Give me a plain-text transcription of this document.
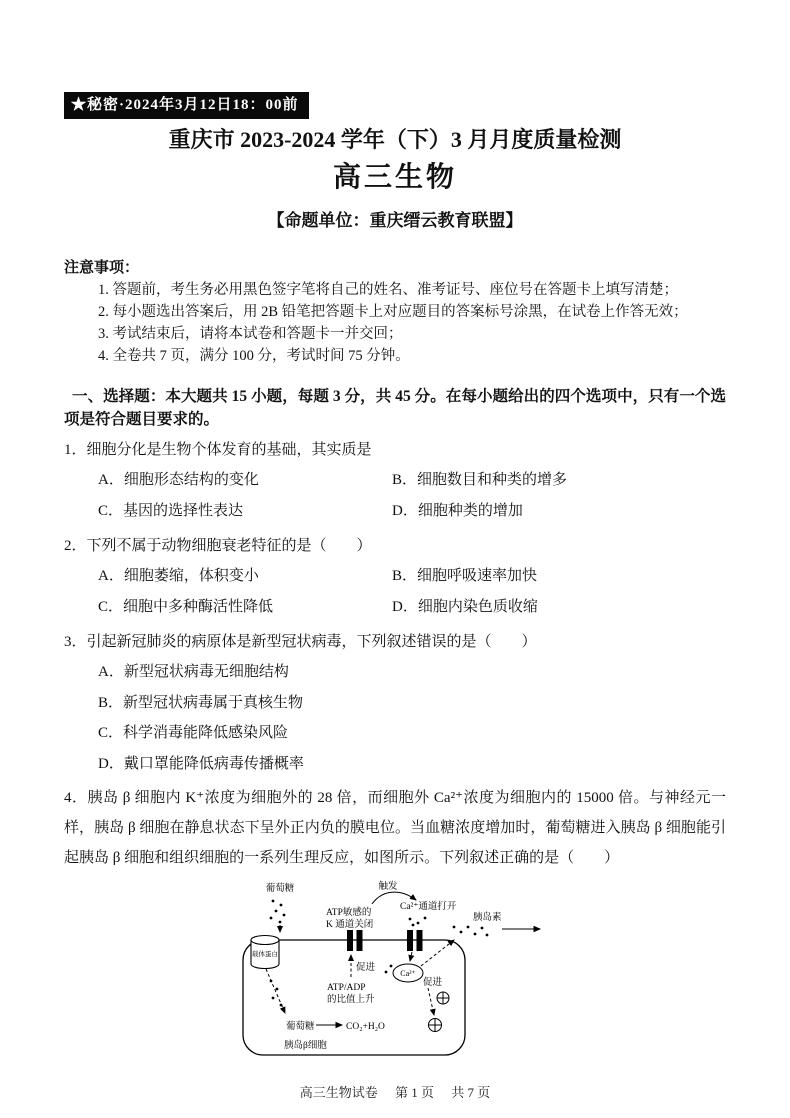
★秘密·2024年3月12日18：00前
重庆市 2023-2024 学年（下）3 月月度质量检测
高三生物
【命题单位：重庆缙云教育联盟】
注意事项：
1. 答题前，考生务必用黑色签字笔将自己的姓名、准考证号、座位号在答题卡上填写清楚；
2. 每小题选出答案后，用 2B 铅笔把答题卡上对应题目的答案标号涂黑，在试卷上作答无效；
3. 考试结束后，请将本试卷和答题卡一并交回；
4. 全卷共 7 页，满分 100 分，考试时间 75 分钟。
一、选择题：本大题共 15 小题，每题 3 分，共 45 分。在每小题给出的四个选项中，只有一个选项是符合题目要求的。
1．细胞分化是生物个体发育的基础，其实质是
A．细胞形态结构的变化	B．细胞数目和种类的增多
C．基因的选择性表达	D．细胞种类的增加
2．下列不属于动物细胞衰老特征的是（　　）
A．细胞萎缩，体积变小	B．细胞呼吸速率加快
C．细胞中多种酶活性降低	D．细胞内染色质收缩
3．引起新冠肺炎的病原体是新型冠状病毒，下列叙述错误的是（　　）
A．新型冠状病毒无细胞结构
B．新型冠状病毒属于真核生物
C．科学消毒能降低感染风险
D．戴口罩能降低病毒传播概率
4．胰岛 β 细胞内 K⁺浓度为细胞外的 28 倍，而细胞外 Ca²⁺浓度为细胞内的 15000 倍。与神经元一样，胰岛 β 细胞在静息状态下呈外正内负的膜电位。当血糖浓度增加时，葡萄糖进入胰岛 β 细胞能引起胰岛 β 细胞和组织细胞的一系列生理反应，如图所示。下列叙述正确的是（　　）
葡萄糖
载体蛋白
ATP敏感的
K 通道关闭
触发
Ca²⁺通道打开
胰岛素
促进
ATP/ADP
的比值上升
Ca²⁺
促进
葡萄糖	CO₂+H₂O
胰岛β细胞
高三生物试卷 第 1 页 共 7 页
